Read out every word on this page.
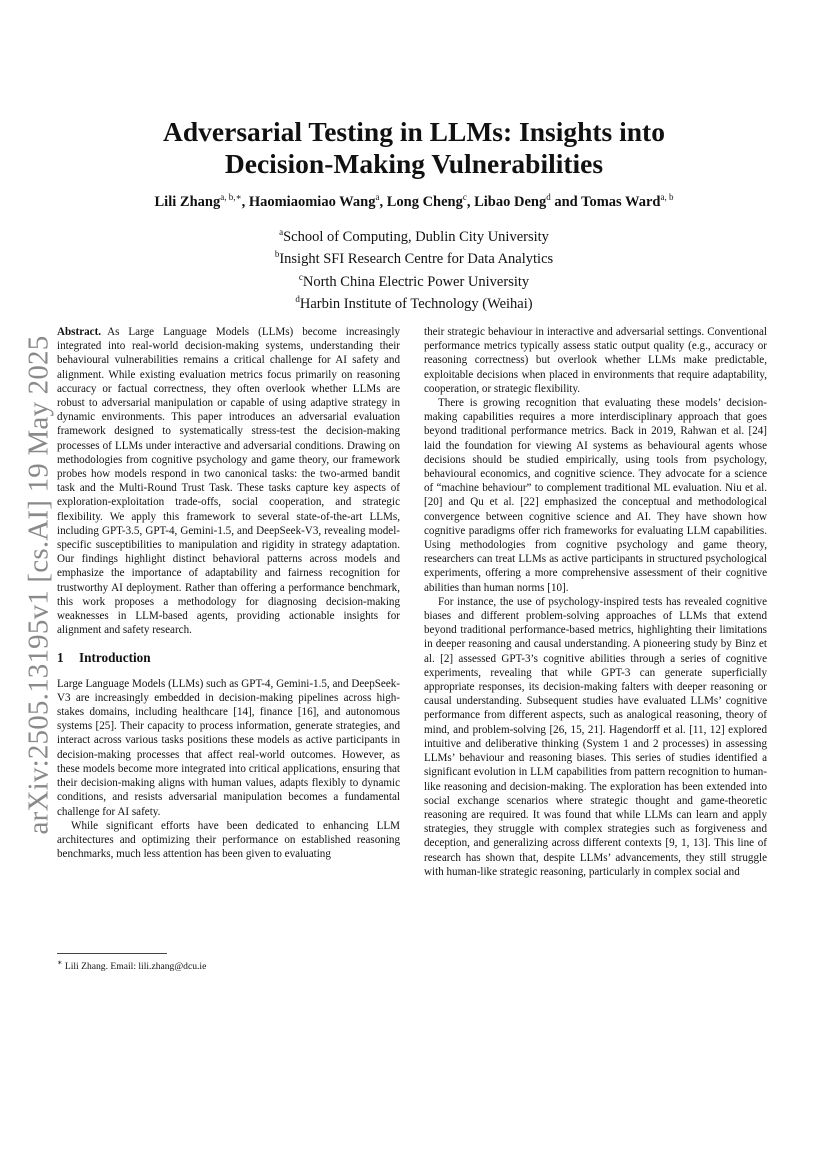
arXiv:2505.13195v1 [cs.AI] 19 May 2025
Adversarial Testing in LLMs: Insights into
Decision-Making Vulnerabilities
Lili Zhang$^{a, b,∗}$, Haomiaomiao Wang$^a$, Long Cheng$^c$, Libao Deng$^d$ and Tomas Ward$^{a, b}$
$^a$School of Computing, Dublin City University
$^b$Insight SFI Research Centre for Data Analytics
$^c$North China Electric Power University
$^d$Harbin Institute of Technology (Weihai)

Abstract. As Large Language Models (LLMs) become increasingly integrated into real-world decision-making systems, understanding their behavioural vulnerabilities remains a critical challenge for AI safety and alignment. While existing evaluation metrics focus primarily on reasoning accuracy or factual correctness, they often overlook whether LLMs are robust to adversarial manipulation or capable of using adaptive strategy in dynamic environments. This paper introduces an adversarial evaluation framework designed to systematically stress-test the decision-making processes of LLMs under interactive and adversarial conditions. Drawing on methodologies from cognitive psychology and game theory, our framework probes how models respond in two canonical tasks: the two-armed bandit task and the Multi-Round Trust Task. These tasks capture key aspects of exploration-exploitation trade-offs, social cooperation, and strategic flexibility. We apply this framework to several state-of-the-art LLMs, including GPT-3.5, GPT-4, Gemini-1.5, and DeepSeek-V3, revealing model-specific susceptibilities to manipulation and rigidity in strategy adaptation. Our findings highlight distinct behavioral patterns across models and emphasize the importance of adaptability and fairness recognition for trustworthy AI deployment. Rather than offering a performance benchmark, this work proposes a methodology for diagnosing decision-making weaknesses in LLM-based agents, providing actionable insights for alignment and safety research.

1 Introduction

Large Language Models (LLMs) such as GPT-4, Gemini-1.5, and DeepSeek-V3 are increasingly embedded in decision-making pipelines across high-stakes domains, including healthcare [14], finance [16], and autonomous systems [25]. Their capacity to process information, generate strategies, and interact across various tasks positions these models as active participants in decision-making processes that affect real-world outcomes. However, as these models become more integrated into critical applications, ensuring that their decision-making aligns with human values, adapts flexibly to dynamic conditions, and resists adversarial manipulation becomes a fundamental challenge for AI safety.

While significant efforts have been dedicated to enhancing LLM architectures and optimizing their performance on established reasoning benchmarks, much less attention has been given to evaluating

∗ Lili Zhang. Email: lili.zhang@dcu.ie

their strategic behaviour in interactive and adversarial settings. Conventional performance metrics typically assess static output quality (e.g., accuracy or reasoning correctness) but overlook whether LLMs make predictable, exploitable decisions when placed in environments that require adaptability, cooperation, or strategic flexibility.

There is growing recognition that evaluating these models’ decision-making capabilities requires a more interdisciplinary approach that goes beyond traditional performance metrics. Back in 2019, Rahwan et al. [24] laid the foundation for viewing AI systems as behavioural agents whose decisions should be studied empirically, using tools from psychology, behavioural economics, and cognitive science. They advocate for a science of “machine behaviour” to complement traditional ML evaluation. Niu et al. [20] and Qu et al. [22] emphasized the conceptual and methodological convergence between cognitive science and AI. They have shown how cognitive paradigms offer rich frameworks for evaluating LLM capabilities. Using methodologies from cognitive psychology and game theory, researchers can treat LLMs as active participants in structured psychological experiments, offering a more comprehensive assessment of their cognitive abilities than human norms [10].

For instance, the use of psychology-inspired tests has revealed cognitive biases and different problem-solving approaches of LLMs that extend beyond traditional performance-based metrics, highlighting their limitations in deeper reasoning and causal understanding. A pioneering study by Binz et al. [2] assessed GPT-3’s cognitive abilities through a series of cognitive experiments, revealing that while GPT-3 can generate superficially appropriate responses, its decision-making falters with deeper reasoning or causal understanding. Subsequent studies have evaluated LLMs’ cognitive performance from different aspects, such as analogical reasoning, theory of mind, and problem-solving [26, 15, 21]. Hagendorff et al. [11, 12] explored intuitive and deliberative thinking (System 1 and 2 processes) in assessing LLMs’ behaviour and reasoning biases. This series of studies identified a significant evolution in LLM capabilities from pattern recognition to human-like reasoning and decision-making. The exploration has been extended into social exchange scenarios where strategic thought and game-theoretic reasoning are required. It was found that while LLMs can learn and apply strategies, they struggle with complex strategies such as forgiveness and deception, and generalizing across different contexts [9, 1, 13]. This line of research has shown that, despite LLMs’ advancements, they still struggle with human-like strategic reasoning, particularly in complex social and
